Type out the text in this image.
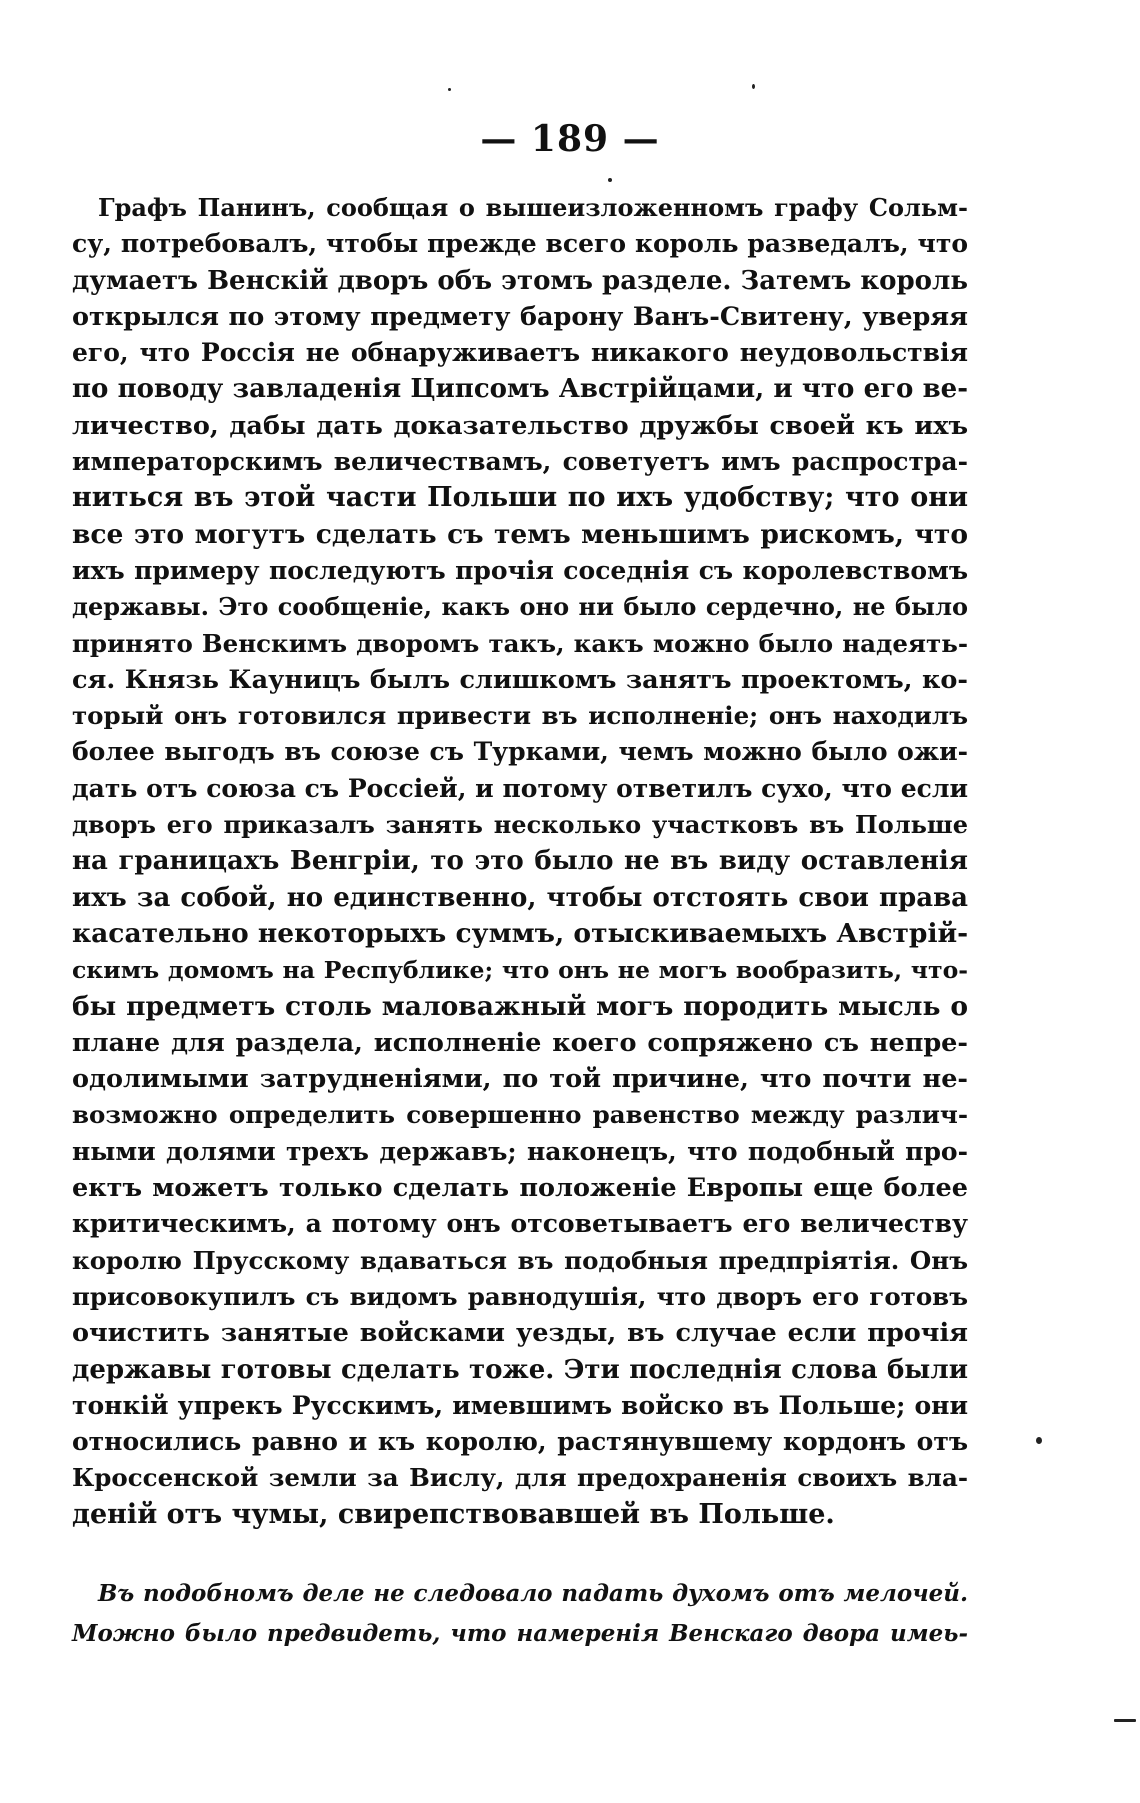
— 189 —
Графъ Панинъ, сообщая о вышеизложенномъ графу Сольм-
су, потребовалъ, чтобы прежде всего король разведалъ, что
думаетъ Венскій дворъ объ этомъ разделе. Затемъ король
открылся по этому предмету барону Ванъ-Свитену, уверяя
его, что Россія не обнаруживаетъ никакого неудовольствія
по поводу завладенія Ципсомъ Австрійцами, и что его ве-
личество, дабы дать доказательство дружбы своей къ ихъ
императорскимъ величествамъ, советуетъ имъ распростра-
ниться въ этой части Польши по ихъ удобству; что они
все это могутъ сделать съ темъ меньшимъ рискомъ, что
ихъ примеру последуютъ прочія соседнія съ королевствомъ
державы. Это сообщеніе, какъ оно ни было сердечно, не было
принято Венскимъ дворомъ такъ, какъ можно было надеять-
ся. Князь Кауницъ былъ слишкомъ занятъ проектомъ, ко-
торый онъ готовился привести въ исполненіе; онъ находилъ
более выгодъ въ союзе съ Турками, чемъ можно было ожи-
дать отъ союза съ Россіей, и потому ответилъ сухо, что если
дворъ его приказалъ занять несколько участковъ въ Польше
на границахъ Венгріи, то это было не въ виду оставленія
ихъ за собой, но единственно, чтобы отстоять свои права
касательно некоторыхъ суммъ, отыскиваемыхъ Австрій-
скимъ домомъ на Республике; что онъ не могъ вообразить, что-
бы предметъ столь маловажный могъ породить мысль о
плане для раздела, исполненіе коего сопряжено съ непре-
одолимыми затрудненіями, по той причине, что почти не-
возможно определить совершенно равенство между различ-
ными долями трехъ державъ; наконецъ, что подобный про-
ектъ можетъ только сделать положеніе Европы еще более
критическимъ, а потому онъ отсоветываетъ его величеству
королю Прусскому вдаваться въ подобныя предпріятія. Онъ
присовокупилъ съ видомъ равнодушія, что дворъ его готовъ
очистить занятые войсками уезды, въ случае если прочія
державы готовы сделать тоже. Эти последнія слова были
тонкій упрекъ Русскимъ, имевшимъ войско въ Польше; они
относились равно и къ королю, растянувшему кордонъ отъ
Кроссенской земли за Вислу, для предохраненія своихъ вла-
деній отъ чумы, свирепствовавшей въ Польше.
Въ подобномъ деле не следовало падать духомъ отъ мелочей.
Можно было предвидеть, что намеренія Венскаго двора имеь-
